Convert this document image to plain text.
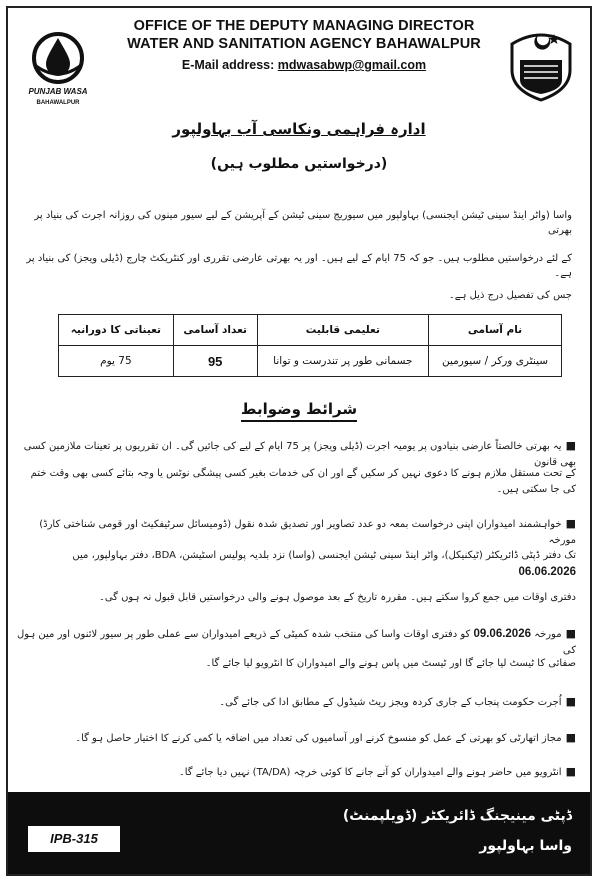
PUNJAB WASA
BAHAWALPUR
OFFICE OF THE DEPUTY MANAGING DIRECTOR
WATER AND SANITATION AGENCY BAHAWALPUR
E-Mail address: mdwasabwp@gmail.com
ادارہ فراہمی ونکاسی آب بہاولپور
(درخواستیں مطلوب ہیں)
واسا (واٹر اینڈ سینی ٹیشن ایجنسی) بہاولپور میں سیوریج سینی ٹیشن کے آپریشن کے لیے سیور مینوں کی روزانہ اجرت کی بنیاد پر بھرتی
کے لئے درخواستیں مطلوب ہیں۔ جو کہ 75 ایام کے لیے ہیں۔ اور یہ بھرتی عارضی تقرری اور کنٹریکٹ چارج (ڈیلی ویجز) کی بنیاد پر ہے۔
جس کی تفصیل درج ذیل ہے۔
نام آسامی	تعلیمی قابلیت	تعداد آسامی	تعیناتی کا دورانیہ
سینٹری ورکر / سیورمین	جسمانی طور پر تندرست و توانا	95	75 یوم
شرائط وضوابط
■یہ بھرتی خالصتاً عارضی بنیادوں پر یومیہ اجرت (ڈیلی ویجز) پر 75 ایام کے لیے کی جائیں گی۔ ان تقرریوں پر تعینات ملازمین کسی بھی قانون
کے تحت مستقل ملازم ہونے کا دعوی نہیں کر سکیں گے اور ان کی خدمات بغیر کسی پیشگی نوٹس یا وجہ بتائے کسی بھی وقت ختم کی جا سکتی ہیں۔
■خواہشمند امیدواران اپنی درخواست بمعہ دو عدد تصاویر اور تصدیق شدہ نقول (ڈومیسائل سرٹیفکیٹ اور قومی شناختی کارڈ) مورخہ
تک دفتر ڈپٹی ڈائریکٹر (ٹیکنیکل)، واٹر اینڈ سینی ٹیشن ایجنسی (واسا) نزد بلدیہ پولیس اسٹیشن، BDA، دفتر بہاولپور، میں 06.06.2026
دفتری اوقات میں جمع کروا سکتے ہیں۔ مقررہ تاریخ کے بعد موصول ہونے والی درخواستیں قابل قبول نہ ہوں گی۔
■مورخہ 09.06.2026 کو دفتری اوقات واسا کی منتخب شدہ کمیٹی کے ذریعے امیدواران سے عملی طور پر سیور لائنوں اور مین ہول کی
صفائی کا ٹیسٹ لیا جائے گا اور ٹیسٹ میں پاس ہونے والے امیدواران کا انٹرویو لیا جائے گا۔
■اُجرت حکومت پنجاب کے جاری کردہ ویجز ریٹ شیڈول کے مطابق ادا کی جائے گی۔
■مجاز اتھارٹی کو بھرتی کے عمل کو منسوخ کرنے اور آسامیوں کی تعداد میں اضافہ یا کمی کرنے کا اختیار حاصل ہو گا۔
■انٹرویو میں حاضر ہونے والے امیدواران کو آنے جانے کا کوئی خرچہ (TA/DA) نہیں دیا جائے گا۔
ڈپٹی مینیجنگ ڈائریکٹر (ڈویلپمنٹ)
واسا بہاولپور
IPB-315
